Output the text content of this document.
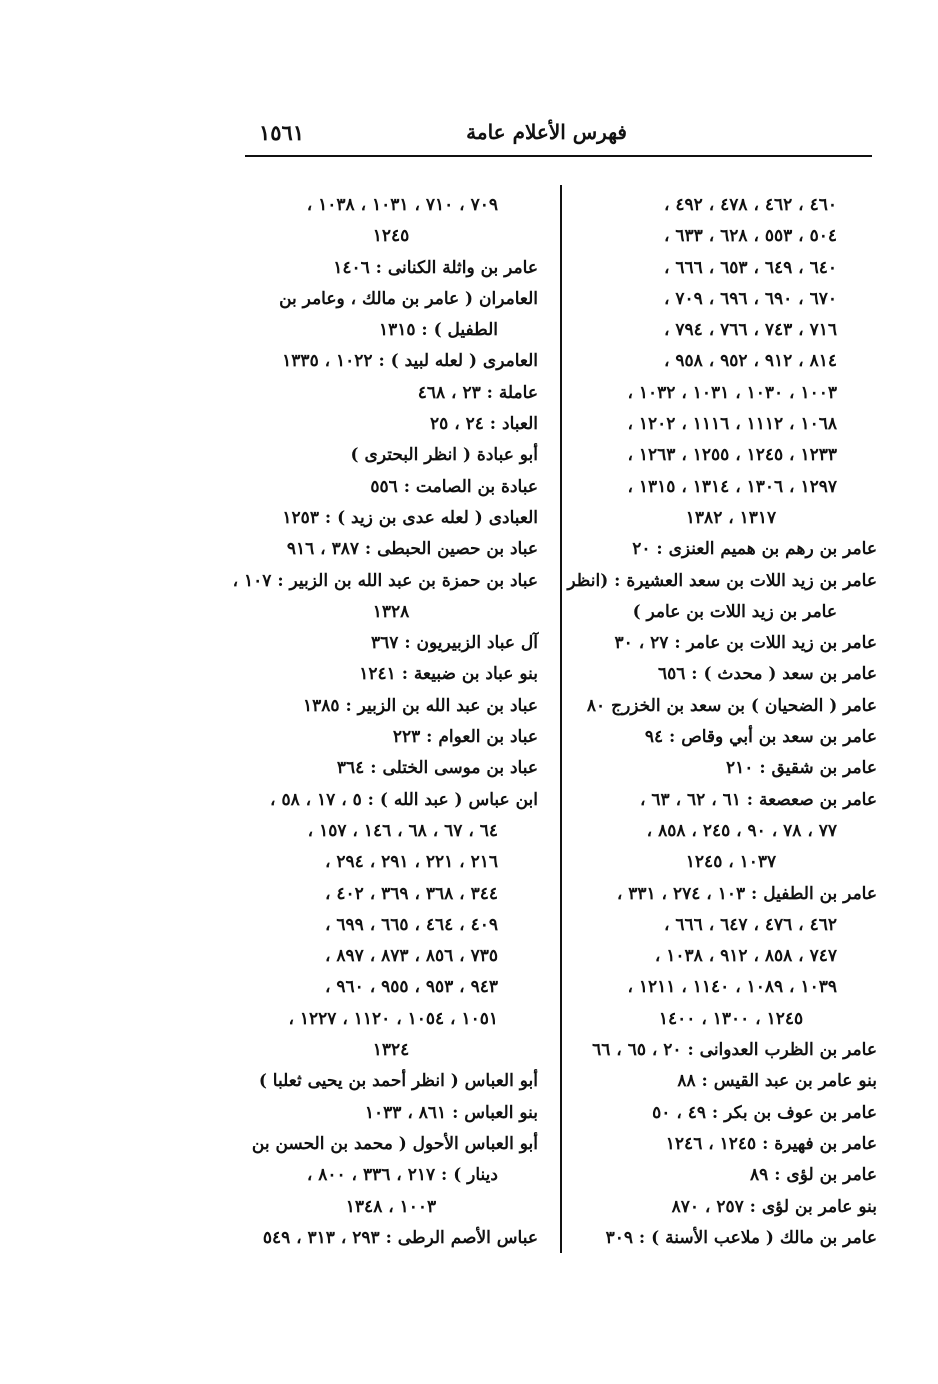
فهرس الأعلام عامة
١٥٦١
٤٦٠ ، ٤٦٢ ، ٤٧٨ ، ٤٩٢ ،
٥٠٤ ، ٥٥٣ ، ٦٢٨ ، ٦٣٣ ،
٦٤٠ ، ٦٤٩ ، ٦٥٣ ، ٦٦٦ ،
٦٧٠ ، ٦٩٠ ، ٦٩٦ ، ٧٠٩ ،
٧١٦ ، ٧٤٣ ، ٧٦٦ ، ٧٩٤ ،
٨١٤ ، ٩١٢ ، ٩٥٢ ، ٩٥٨ ،
١٠٠٣ ، ١٠٣٠ ، ١٠٣١ ، ١٠٣٢ ،
١٠٦٨ ، ١١١٢ ، ١١١٦ ، ١٢٠٢ ،
١٢٣٣ ، ١٢٤٥ ، ١٢٥٥ ، ١٢٦٣ ،
١٢٩٧ ، ١٣٠٦ ، ١٣١٤ ، ١٣١٥ ،
١٣١٧ ، ١٣٨٢
عامر بن رهم بن هميم العنزى : ٢٠
عامر بن زيد اللات بن سعد العشيرة : (انظر
عامر بن زيد اللات بن عامر )
عامر بن زيد اللات بن عامر : ٢٧ ، ٣٠
عامر بن سعد ( محدث ) : ٦٥٦
عامر ( الضحيان ) بن سعد بن الخزرج ٨٠
عامر بن سعد بن أبي وقاص : ٩٤
عامر بن شقيق : ٢١٠
عامر بن صعصعة : ٦١ ، ٦٢ ، ٦٣ ،
٧٧ ، ٧٨ ، ٩٠ ، ٢٤٥ ، ٨٥٨ ،
١٠٣٧ ، ١٢٤٥
عامر بن الطفيل : ١٠٣ ، ٢٧٤ ، ٣٣١ ،
٤٦٢ ، ٤٧٦ ، ٦٤٧ ، ٦٦٦ ،
٧٤٧ ، ٨٥٨ ، ٩١٢ ، ١٠٣٨ ،
١٠٣٩ ، ١٠٨٩ ، ١١٤٠ ، ١٢١١ ،
١٢٤٥ ، ١٣٠٠ ، ١٤٠٠
عامر بن الظرب العدوانى : ٢٠ ، ٦٥ ، ٦٦
بنو عامر بن عبد القيس : ٨٨
عامر بن عوف بن بكر : ٤٩ ، ٥٠
عامر بن فهيرة : ١٢٤٥ ، ١٢٤٦
عامر بن لؤى : ٨٩
بنو عامر بن لؤى : ٢٥٧ ، ٨٧٠
عامر بن مالك ( ملاعب الأسنة ) : ٣٠٩
٧٠٩ ، ٧١٠ ، ١٠٣١ ، ١٠٣٨ ،
١٢٤٥
عامر بن واثلة الكنانى : ١٤٠٦
العامران ( عامر بن مالك ، وعامر بن
الطفيل ) : ١٣١٥
العامرى ( لعله لبيد ) : ١٠٢٢ ، ١٣٣٥
عاملة : ٢٣ ، ٤٦٨
العباد : ٢٤ ، ٢٥
أبو عبادة ( انظر البحترى )
عبادة بن الصامت : ٥٥٦
العبادى ( لعله عدى بن زيد ) : ١٢٥٣
عباد بن حصين الحبطى : ٣٨٧ ، ٩١٦
عباد بن حمزة بن عبد الله بن الزبير : ١٠٧ ،
١٣٢٨
آل عباد الزبيريون : ٣٦٧
بنو عباد بن ضبيعة : ١٢٤١
عباد بن عبد الله بن الزبير : ١٣٨٥
عباد بن العوام : ٢٢٣
عباد بن موسى الختلى : ٣٦٤
ابن عباس ( عبد الله ) : ٥ ، ١٧ ، ٥٨ ،
٦٤ ، ٦٧ ، ٦٨ ، ١٤٦ ، ١٥٧ ،
٢١٦ ، ٢٢١ ، ٢٩١ ، ٢٩٤ ،
٣٤٤ ، ٣٦٨ ، ٣٦٩ ، ٤٠٢ ،
٤٠٩ ، ٤٦٤ ، ٦٦٥ ، ٦٩٩ ،
٧٣٥ ، ٨٥٦ ، ٨٧٣ ، ٨٩٧ ،
٩٤٣ ، ٩٥٣ ، ٩٥٥ ، ٩٦٠ ،
١٠٥١ ، ١٠٥٤ ، ١١٢٠ ، ١٢٢٧ ،
١٣٢٤
أبو العباس ( انظر أحمد بن يحيى ثعلبا )
بنو العباس : ٨٦١ ، ١٠٣٣
أبو العباس الأحول ( محمد بن الحسن بن
دينار ) : ٢١٧ ، ٣٣٦ ، ٨٠٠ ،
١٠٠٣ ، ١٣٤٨
عباس الأصم الرطى : ٢٩٣ ، ٣١٣ ، ٥٤٩
